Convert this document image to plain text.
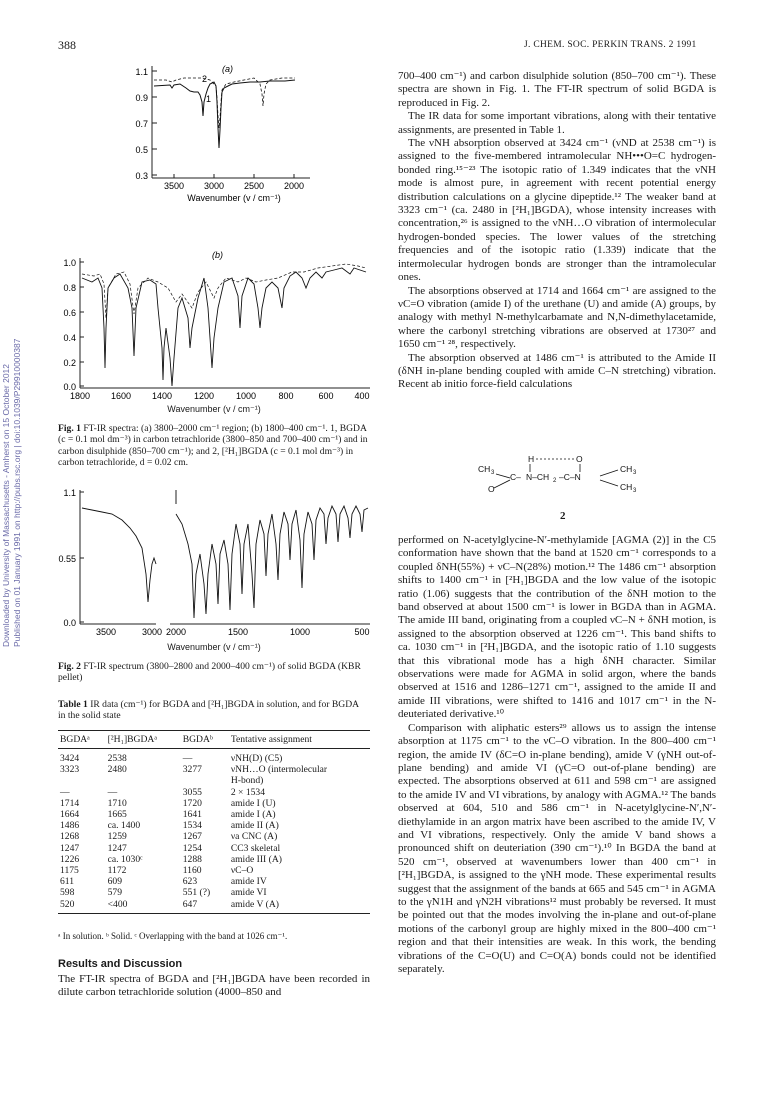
388	J. CHEM. SOC. PERKIN TRANS. 2 1991
Downloaded by University of Massachusetts - Amherst on 15 October 2012 Published on 01 January 1991 on http://pubs.rsc.org | doi:10.1039/P29910000387
1.1
0.9
0.7
0.5
0.3
3500 3000 2500 2000
Wavenumber (v / cm⁻¹)
(a)
2
1
1.0
0.8
0.6
0.4
0.2
0.0
1800 1600 1400 1200 1000 800	600 400
(b)
Wavenumber (v / cm⁻¹)
Fig. 1 FT-IR spectra: (a) 3800–2000 cm⁻¹ region; (b) 1800–400 cm⁻¹. 1, BGDA (c = 0.1 mol dm⁻³) in carbon tetrachloride (3800–850 and 700–400 cm⁻¹) and in carbon disulphide (850–700 cm⁻¹); and 2, [²H₁]BGDA (c = 0.1 mol dm⁻³) in carbon tetrachloride, d = 0.02 cm.
1.1
0.55
0.0
3500	3000 2000	1500	1000	500
Wavenumber (v / cm⁻¹)
Fig. 2 FT-IR spectrum (3800–2800 and 2000–400 cm⁻¹) of solid BGDA (KBR pellet)
Table 1 IR data (cm⁻¹) for BGDA and [²H₁]BGDA in solution, and for BGDA in the solid state
BGDAᵃ	[²H₁]BGDAᵃ	BGDAᵇ	Tentative assignment
3424	2538	—	νNH(D) (C5)
3323	2480	3277	νNH…O (intermolecular
			H-bond)
—	—	3055	2 × 1534
1714	1710	1720	amide I (U)
1664	1665	1641	amide I (A)
1486	ca. 1400	1534	amide II (A)
1268	1259	1267	νa CNC (A)
1247	1247	1254	CC3 skeletal
1226	ca. 1030ᶜ	1288	amide III (A)
1175	1172	1160	νC–O
611	609	623	amide IV
598	579	551 (?)	amide VI
520	<400	647	amide V (A)
ᵃ In solution. ᵇ Solid. ᶜ Overlapping with the band at 1026 cm⁻¹.
Results and Discussion
The FT-IR spectra of BGDA and [²H₁]BGDA have been recorded in dilute carbon tetrachloride solution (4000–850 and

700–400 cm⁻¹) and carbon disulphide solution (850–700 cm⁻¹). These spectra are shown in Fig. 1. The FT-IR spectrum of solid BGDA is reproduced in Fig. 2.

The IR data for some important vibrations, along with their tentative assignments, are presented in Table 1.

The νNH absorption observed at 3424 cm⁻¹ (νND at 2538 cm⁻¹) is assigned to the five-membered intramolecular NH•••O=C hydrogen-bonded ring.¹⁵⁻²³ The isotopic ratio of 1.349 indicates that the νNH mode is almost pure, in agreement with recent potential energy distribution calculations on a glycine dipeptide.¹² The weaker band at 3323 cm⁻¹ (ca. 2480 in [²H₁]BGDA), whose intensity increases with concentration,²⁶ is assigned to the νNH…O vibration of intermolecular hydrogen-bonded species. The lower values of the stretching frequencies and of the isotopic ratio (1.339) indicate that the intermolecular hydrogen bonds are stronger than the intramolecular ones.

The absorptions observed at 1714 and 1664 cm⁻¹ are assigned to the νC=O vibration (amide I) of the urethane (U) and amide (A) groups, by analogy with methyl N-methylcarbamate and N,N-dimethylacetamide, where the carbonyl stretching vibrations are observed at 1730²⁷ and 1650 cm⁻¹ ²⁸, respectively.

The absorption observed at 1486 cm⁻¹ is attributed to the Amide II (δNH in-plane bending coupled with amide C–N stretching) vibration. Recent ab initio force-field calculations

CH 3
H	O
N–CH 2 –C–N
C–
CH 3
CH 3
O
2

performed on N-acetylglycine-N′-methylamide [AGMA (2)] in the C5 conformation have shown that the band at 1520 cm⁻¹ corresponds to a coupled δNH(55%) + νC–N(28%) motion.¹² The 1486 cm⁻¹ absorption shifts to 1400 cm⁻¹ in [²H₁]BGDA and the low value of the isotopic ratio (1.06) suggests that the contribution of the δNH motion to the band observed at about 1500 cm⁻¹ is lower in BGDA than in AGMA. The amide III band, originating from a coupled νC–N + δNH motion, is assigned to the absorption observed at 1226 cm⁻¹. This band shifts to ca. 1030 cm⁻¹ in [²H₁]BGDA, and the isotopic ratio of 1.10 suggests that this vibrational mode has a high δNH character. Similar observations were made for AGMA in solid argon, where the bands observed at 1516 and 1286–1271 cm⁻¹, assigned to the amide II and amide III vibrations, were shifted to 1416 and 1017 cm⁻¹ in the N-deuteriated derivative.¹⁰

Comparison with aliphatic esters²⁹ allows us to assign the intense absorption at 1175 cm⁻¹ to the νC–O vibration. In the 800–400 cm⁻¹ region, the amide IV (δC=O in-plane bending), amide V (γNH out-of-plane bending) and amide VI (γC=O out-of-plane bending) are expected. The absorptions observed at 611 and 598 cm⁻¹ are assigned to the amide IV and VI vibrations, by analogy with AGMA.¹² The bands observed at 604, 510 and 586 cm⁻¹ in N-acetylglycine-N′,N′-diethylamide in an argon matrix have been ascribed to the amide IV, V and VI vibrations, respectively. Only the amide V band shows a pronounced shift on deuteriation (390 cm⁻¹).¹⁰ In BGDA the band at 520 cm⁻¹, observed at wavenumbers lower than 400 cm⁻¹ in [²H₁]BGDA, is assigned to the γNH mode. These experimental results suggest that the assignment of the bands at 665 and 545 cm⁻¹ in AGMA to the γN1H and γN2H vibrations¹² must probably be reversed. It must be pointed out that the modes involving the in-plane and out-of-plane motions of the carbonyl group are highly mixed in the 800–400 cm⁻¹ region and that their intensities are weak. In this work, the bending vibrations of the C=O(U) and C=O(A) bonds could not be identified separately.
